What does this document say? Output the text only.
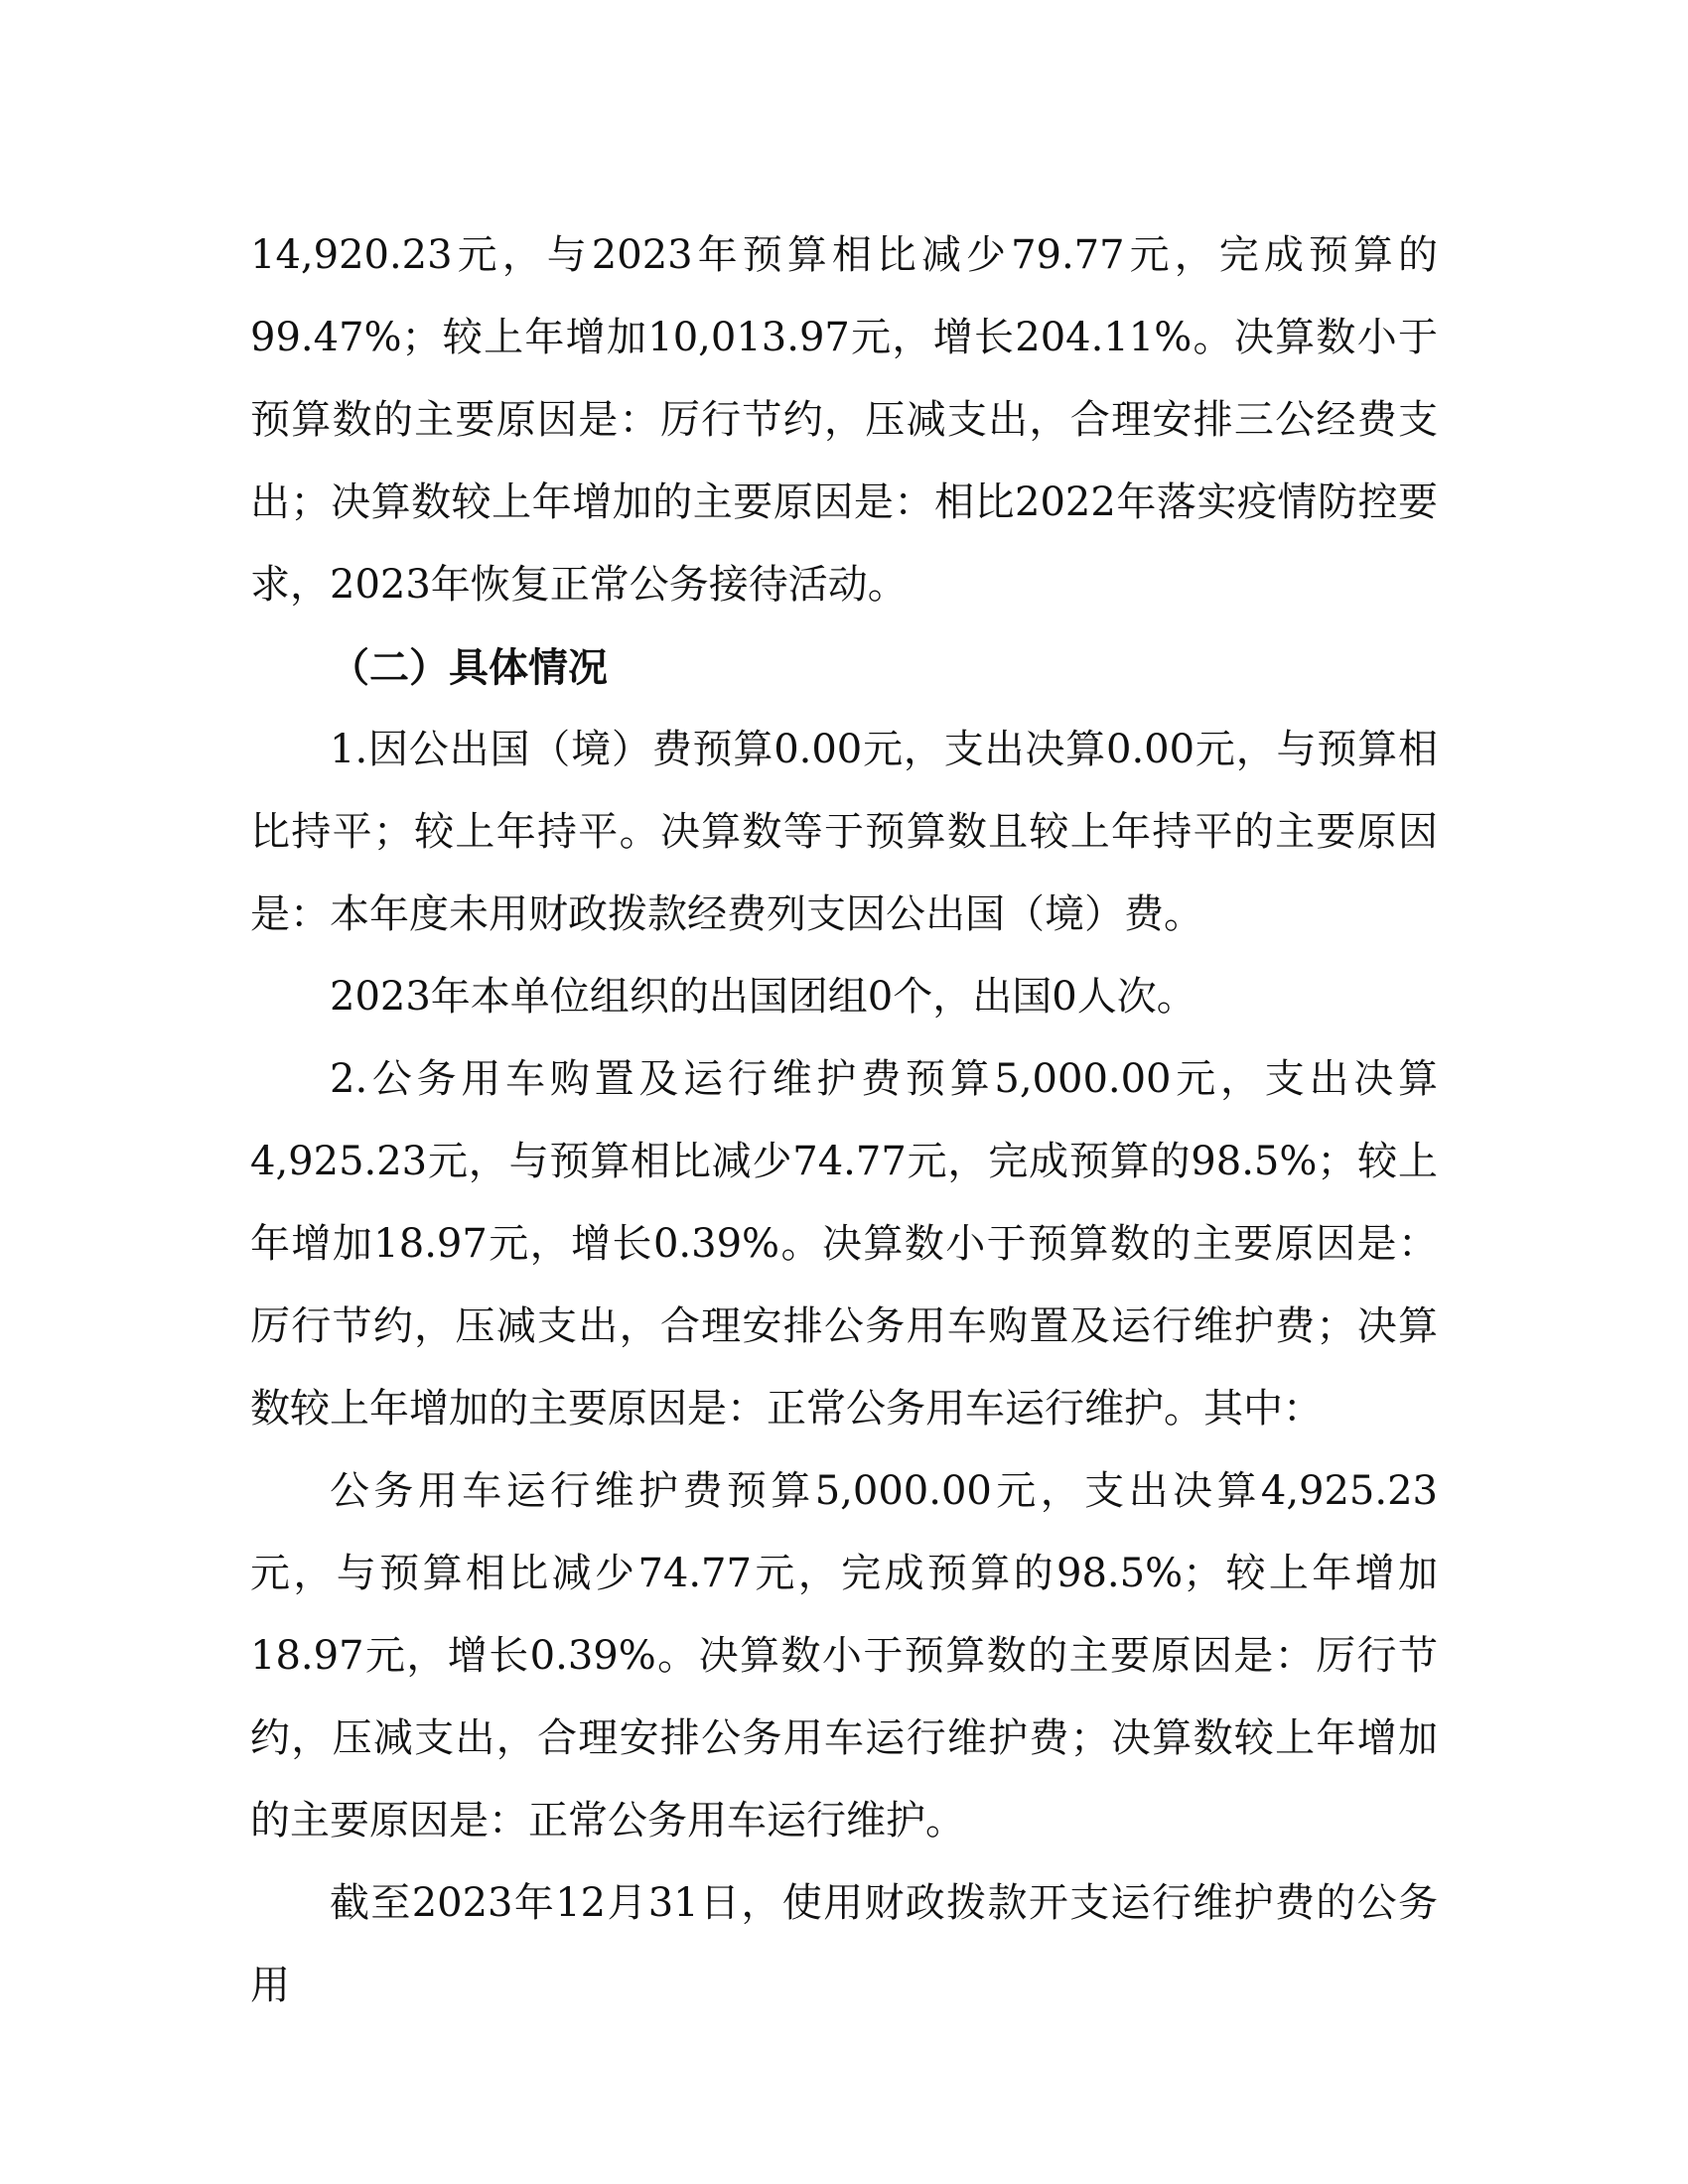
14,920.23元，与2023年预算相比减少79.77元，完成预算的99.47%；较上年增加10,013.97元，增长204.11%。决算数小于预算数的主要原因是：厉行节约，压减支出，合理安排三公经费支出；决算数较上年增加的主要原因是：相比2022年落实疫情防控要求，2023年恢复正常公务接待活动。

（二）具体情况

1.因公出国（境）费预算0.00元，支出决算0.00元，与预算相比持平；较上年持平。决算数等于预算数且较上年持平的主要原因是：本年度未用财政拨款经费列支因公出国（境）费。

2023年本单位组织的出国团组0个，出国0人次。

2.公务用车购置及运行维护费预算5,000.00元，支出决算4,925.23元，与预算相比减少74.77元，完成预算的98.5%；较上年增加18.97元，增长0.39%。决算数小于预算数的主要原因是：厉行节约，压减支出，合理安排公务用车购置及运行维护费；决算数较上年增加的主要原因是：正常公务用车运行维护。其中：

公务用车运行维护费预算5,000.00元，支出决算4,925.23元，与预算相比减少74.77元，完成预算的98.5%；较上年增加18.97元，增长0.39%。决算数小于预算数的主要原因是：厉行节约，压减支出，合理安排公务用车运行维护费；决算数较上年增加的主要原因是：正常公务用车运行维护。

截至2023年12月31日，使用财政拨款开支运行维护费的公务用
